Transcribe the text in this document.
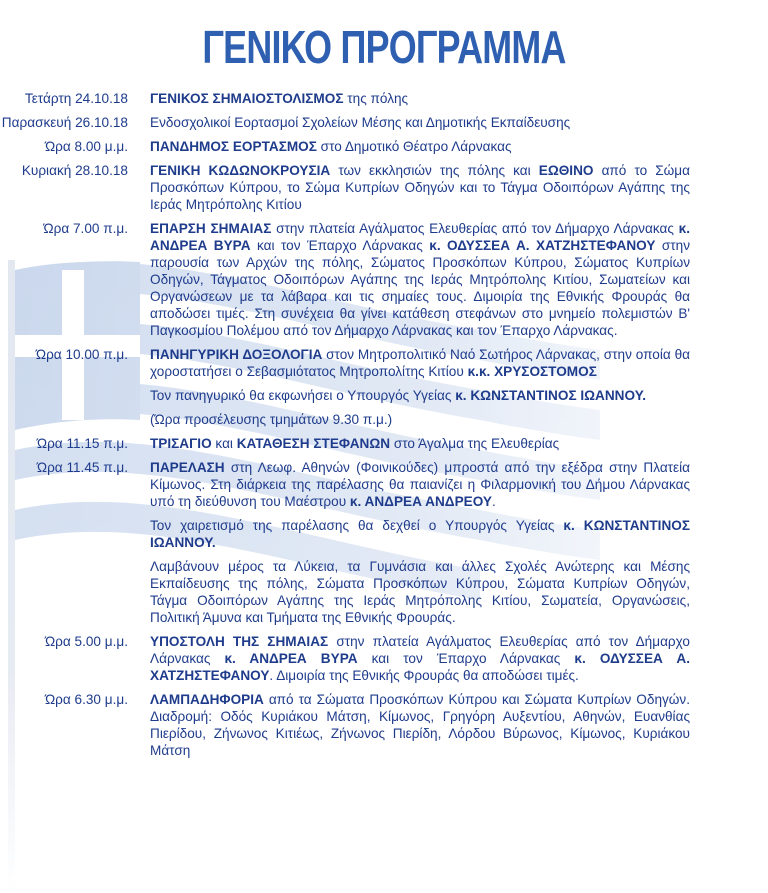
ΓΕΝΙΚΟ ΠΡΟΓΡΑΜΜΑ
Τετάρτη 24.10.18	ΓΕΝΙΚΟΣ ΣΗΜΑΙΟΣΤΟΛΙΣΜΟΣ της πόλης

Παρασκευή 26.10.18	Ενδοσχολικοί Εορτασμοί Σχολείων Μέσης και Δημοτικής Εκπαίδευσης

Ώρα 8.00 μ.μ.	ΠΑΝΔΗΜΟΣ ΕΟΡΤΑΣΜΟΣ στο Δημοτικό Θέατρο Λάρνακας

Κυριακή 28.10.18	ΓΕΝΙΚΗ ΚΩΔΩΝΟΚΡΟΥΣΙΑ των εκκλησιών της πόλης και ΕΩΘΙΝΟ από το Σώμα Προσκόπων Κύπρου, το Σώμα Κυπρίων Οδηγών και το Τάγμα Οδοιπόρων Αγάπης της Ιεράς Μητρόπολης Κιτίου

Ώρα 7.00 π.μ.	ΕΠΑΡΣΗ ΣΗΜΑΙΑΣ στην πλατεία Αγάλματος Ελευθερίας από τον Δήμαρχο Λάρνακας κ. ΑΝΔΡΕΑ ΒΥΡΑ και τον Έπαρχο Λάρνακας κ. ΟΔΥΣΣΕΑ Α. ΧΑΤΖΗΣΤΕΦΑΝΟΥ στην παρουσία των Αρχών της πόλης, Σώματος Προσκόπων Κύπρου, Σώματος Κυπρίων Οδηγών, Τάγματος Οδοιπόρων Αγάπης της Ιεράς Μητρόπολης Κιτίου, Σωματείων και Οργανώσεων με τα λάβαρα και τις σημαίες τους. Διμοιρία της Εθνικής Φρουράς θα αποδώσει τιμές. Στη συνέχεια θα γίνει κατάθεση στεφάνων στο μνημείο πολεμιστών Β' Παγκοσμίου Πολέμου από τον Δήμαρχο Λάρνακας και τον Έπαρχο Λάρνακας.

Ώρα 10.00 π.μ.	ΠΑΝΗΓΥΡΙΚΗ ΔΟΞΟΛΟΓΙΑ στον Μητροπολιτικό Ναό Σωτήρος Λάρνακας, στην οποία θα χοροστατήσει ο Σεβασμιότατος Μητροπολίτης Κιτίου κ.κ. ΧΡΥΣΟΣΤΟΜΟΣ

Τον πανηγυρικό θα εκφωνήσει ο Υπουργός Υγείας κ. ΚΩΝΣΤΑΝΤΙΝΟΣ ΙΩΑΝΝΟΥ.

(Ώρα προσέλευσης τμημάτων 9.30 π.μ.)

Ώρα 11.15 π.μ.	ΤΡΙΣΑΓΙΟ και ΚΑΤΑΘΕΣΗ ΣΤΕΦΑΝΩΝ στο Άγαλμα της Ελευθερίας

Ώρα 11.45 π.μ.	ΠΑΡΕΛΑΣΗ στη Λεωφ. Αθηνών (Φοινικούδες) μπροστά από την εξέδρα στην Πλατεία Κίμωνος. Στη διάρκεια της παρέλασης θα παιανίζει η Φιλαρμονική του Δήμου Λάρνακας υπό τη διεύθυνση του Μαέστρου κ. ΑΝΔΡΕΑ ΑΝΔΡΕΟΥ.

Τον χαιρετισμό της παρέλασης θα δεχθεί ο Υπουργός Υγείας κ. ΚΩΝΣΤΑΝΤΙΝΟΣ ΙΩΑΝΝΟΥ.

Λαμβάνουν μέρος τα Λύκεια, τα Γυμνάσια και άλλες Σχολές Ανώτερης και Μέσης Εκπαίδευσης της πόλης, Σώματα Προσκόπων Κύπρου, Σώματα Κυπρίων Οδηγών, Τάγμα Οδοιπόρων Αγάπης της Ιεράς Μητρόπολης Κιτίου, Σωματεία, Οργανώσεις, Πολιτική Άμυνα και Τμήματα της Εθνικής Φρουράς.

Ώρα 5.00 μ.μ.	ΥΠΟΣΤΟΛΗ ΤΗΣ ΣΗΜΑΙΑΣ στην πλατεία Αγάλματος Ελευθερίας από τον Δήμαρχο Λάρνακας κ. ΑΝΔΡΕΑ ΒΥΡΑ και τον Έπαρχο Λάρνακας κ. ΟΔΥΣΣΕΑ Α. ΧΑΤΖΗΣΤΕΦΑΝΟΥ. Διμοιρία της Εθνικής Φρουράς θα αποδώσει τιμές.

Ώρα 6.30 μ.μ.	ΛΑΜΠΑΔΗΦΟΡΙΑ από τα Σώματα Προσκόπων Κύπρου και Σώματα Κυπρίων Οδηγών. Διαδρομή: Οδός Κυριάκου Μάτση, Κίμωνος, Γρηγόρη Αυξεντίου, Αθηνών, Ευανθίας Πιερίδου, Ζήνωνος Κιτιέως, Ζήνωνος Πιερίδη, Λόρδου Βύρωνος, Κίμωνος, Κυριάκου Μάτση
